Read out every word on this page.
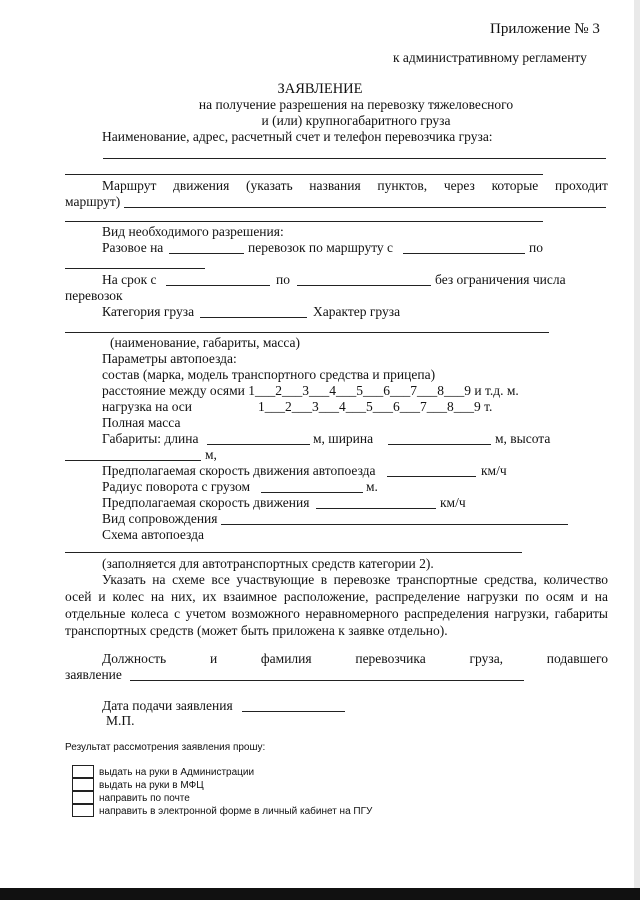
Приложение № 3
к административному регламенту
ЗАЯВЛЕНИЕ
на получение разрешения на перевозку тяжеловесного
и (или) крупногабаритного груза
Наименование, адрес, расчетный счет и телефон перевозчика груза:
Маршрут движения (указать названия пунктов, через которые проходит
маршрут)
Вид необходимого разрешения:
Разовое на	перевозок по маршруту с	по
На срок с	по	без ограничения числа
перевозок
Категория груза	Характер груза
(наименование, габариты, масса)
Параметры автопоезда:
состав (марка, модель транспортного средства и прицепа)
расстояние между осями 1___2___3___4___5___6___7___8___9 и т.д. м.
нагрузка на оси	1___2___3___4___5___6___7___8___9 т.
Полная масса
Габариты: длина	м, ширина	м, высота
м,
Предполагаемая скорость движения автопоезда	км/ч
Радиус поворота с грузом	м.
Предполагаемая скорость движения	км/ч
Вид сопровождения
Схема автопоезда
(заполняется для автотранспортных средств категории 2).
Указать на схеме все участвующие в перевозке транспортные средства, количество
осей и колес на них, их взаимное расположение, распределение нагрузки по осям и на
отдельные колеса с учетом возможного неравномерного распределения нагрузки, габариты
транспортных средств (может быть приложена к заявке отдельно).
Должность	и	фамилия	перевозчика	груза,	подавшего
заявление
Дата подачи заявления
М.П.
Результат рассмотрения заявления прошу:
выдать на руки в Администрации
выдать на руки в МФЦ
направить по почте
направить в электронной форме в личный кабинет на ПГУ
